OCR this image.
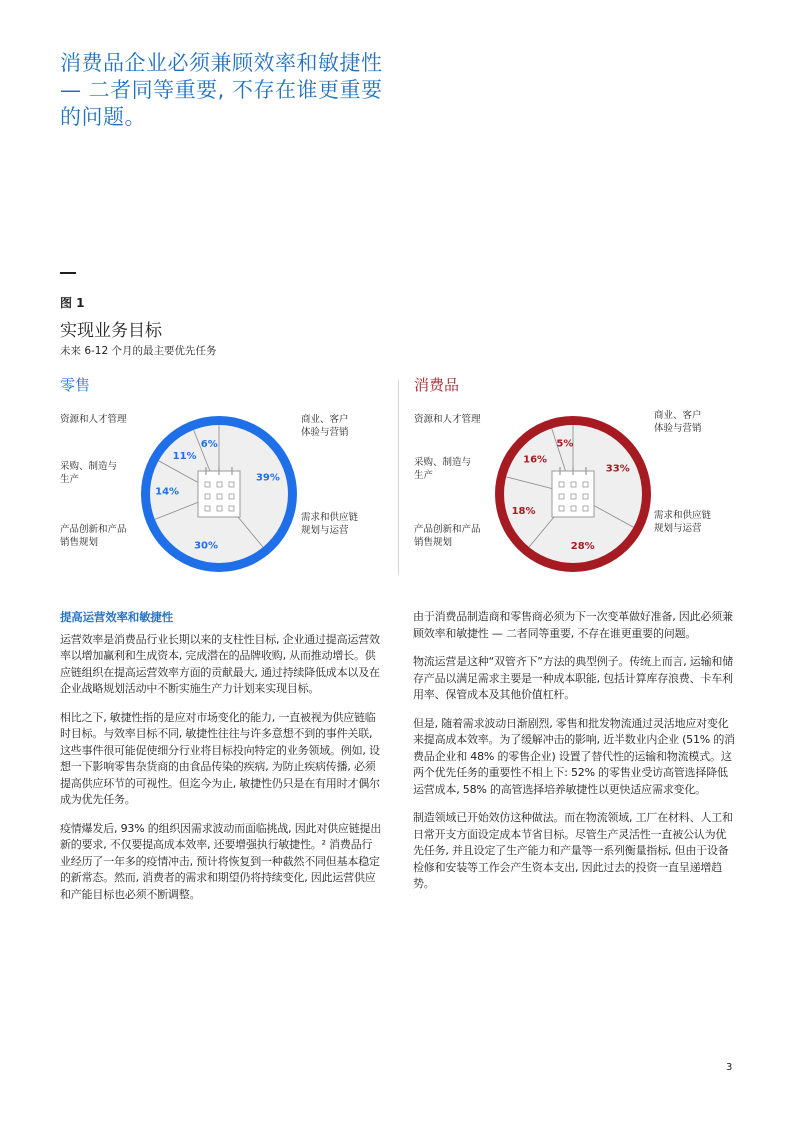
消费品企业必须兼顾效率和敏捷性 — 二者同等重要, 不存在谁更重要的问题。
图 1
实现业务目标
未来 6-12 个月的最主要优先任务
零售
资源和人才管理
采购、制造与
生产
产品创新和产品
销售规划
商业、客户
体验与营销
需求和供应链
规划与运营
39%
30%
14%
11%
6%
消费品
资源和人才管理
采购、制造与
生产
产品创新和产品
销售规划
商业、客户
体验与营销
需求和供应链
规划与运营
33%
28%
18%
16%
5%
提高运营效率和敏捷性

运营效率是消费品行业长期以来的支柱性目标, 企业通过提高运营效率以增加赢利和生成资本, 完成潜在的品牌收购, 从而推动增长。供应链组织在提高运营效率方面的贡献最大, 通过持续降低成本以及在企业战略规划活动中不断实施生产力计划来实现目标。

相比之下, 敏捷性指的是应对市场变化的能力, 一直被视为供应链临时目标。与效率目标不同, 敏捷性往往与许多意想不到的事件关联, 这些事件很可能促使细分行业将目标投向特定的业务领域。例如, 设想一下影响零售杂货商的由食品传染的疾病, 为防止疾病传播, 必须提高供应环节的可视性。但迄今为止, 敏捷性仍只是在有用时才偶尔成为优先任务。

疫情爆发后, 93% 的组织因需求波动而面临挑战, 因此对供应链提出新的要求, 不仅要提高成本效率, 还要增强执行敏捷性。² 消费品行业经历了一年多的疫情冲击, 预计将恢复到一种截然不同但基本稳定的新常态。然而, 消费者的需求和期望仍将持续变化, 因此运营供应和产能目标也必须不断调整。

由于消费品制造商和零售商必须为下一次变革做好准备, 因此必须兼顾效率和敏捷性 — 二者同等重要, 不存在谁更重要的问题。

物流运营是这种“双管齐下”方法的典型例子。传统上而言, 运输和储存产品以满足需求主要是一种成本职能, 包括计算库存浪费、卡车利用率、保管成本及其他价值杠杆。

但是, 随着需求波动日渐剧烈, 零售和批发物流通过灵活地应对变化来提高成本效率。为了缓解冲击的影响, 近半数业内企业 (51% 的消费品企业和 48% 的零售企业) 设置了替代性的运输和物流模式。这两个优先任务的重要性不相上下: 52% 的零售业受访高管选择降低运营成本, 58% 的高管选择培养敏捷性以更快适应需求变化。

制造领域已开始效仿这种做法。而在物流领域, 工厂在材料、人工和日常开支方面设定成本节省目标。尽管生产灵活性一直被公认为优先任务, 并且设定了生产能力和产量等一系列衡量指标, 但由于设备检修和安装等工作会产生资本支出, 因此过去的投资一直呈递增趋势。

3
